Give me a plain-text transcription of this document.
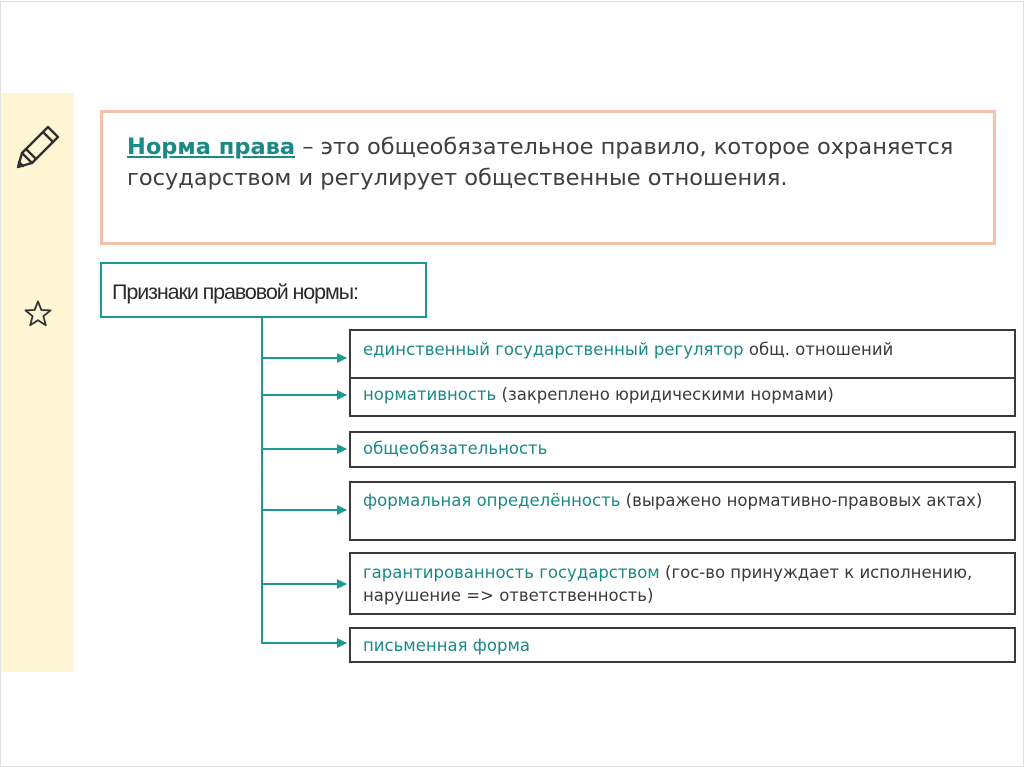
Норма права – это общеобязательное правило, которое охраняется государством и регулирует общественные отношения.

Признаки правовой нормы:
единственный государственный регулятор общ. отношений
нормативность (закреплено юридическими нормами)
общеобязательность
формальная определённость (выражено нормативно-правовых актах)
гарантированность государством (гос-во принуждает к исполнению, нарушение => ответственность)
письменная форма
